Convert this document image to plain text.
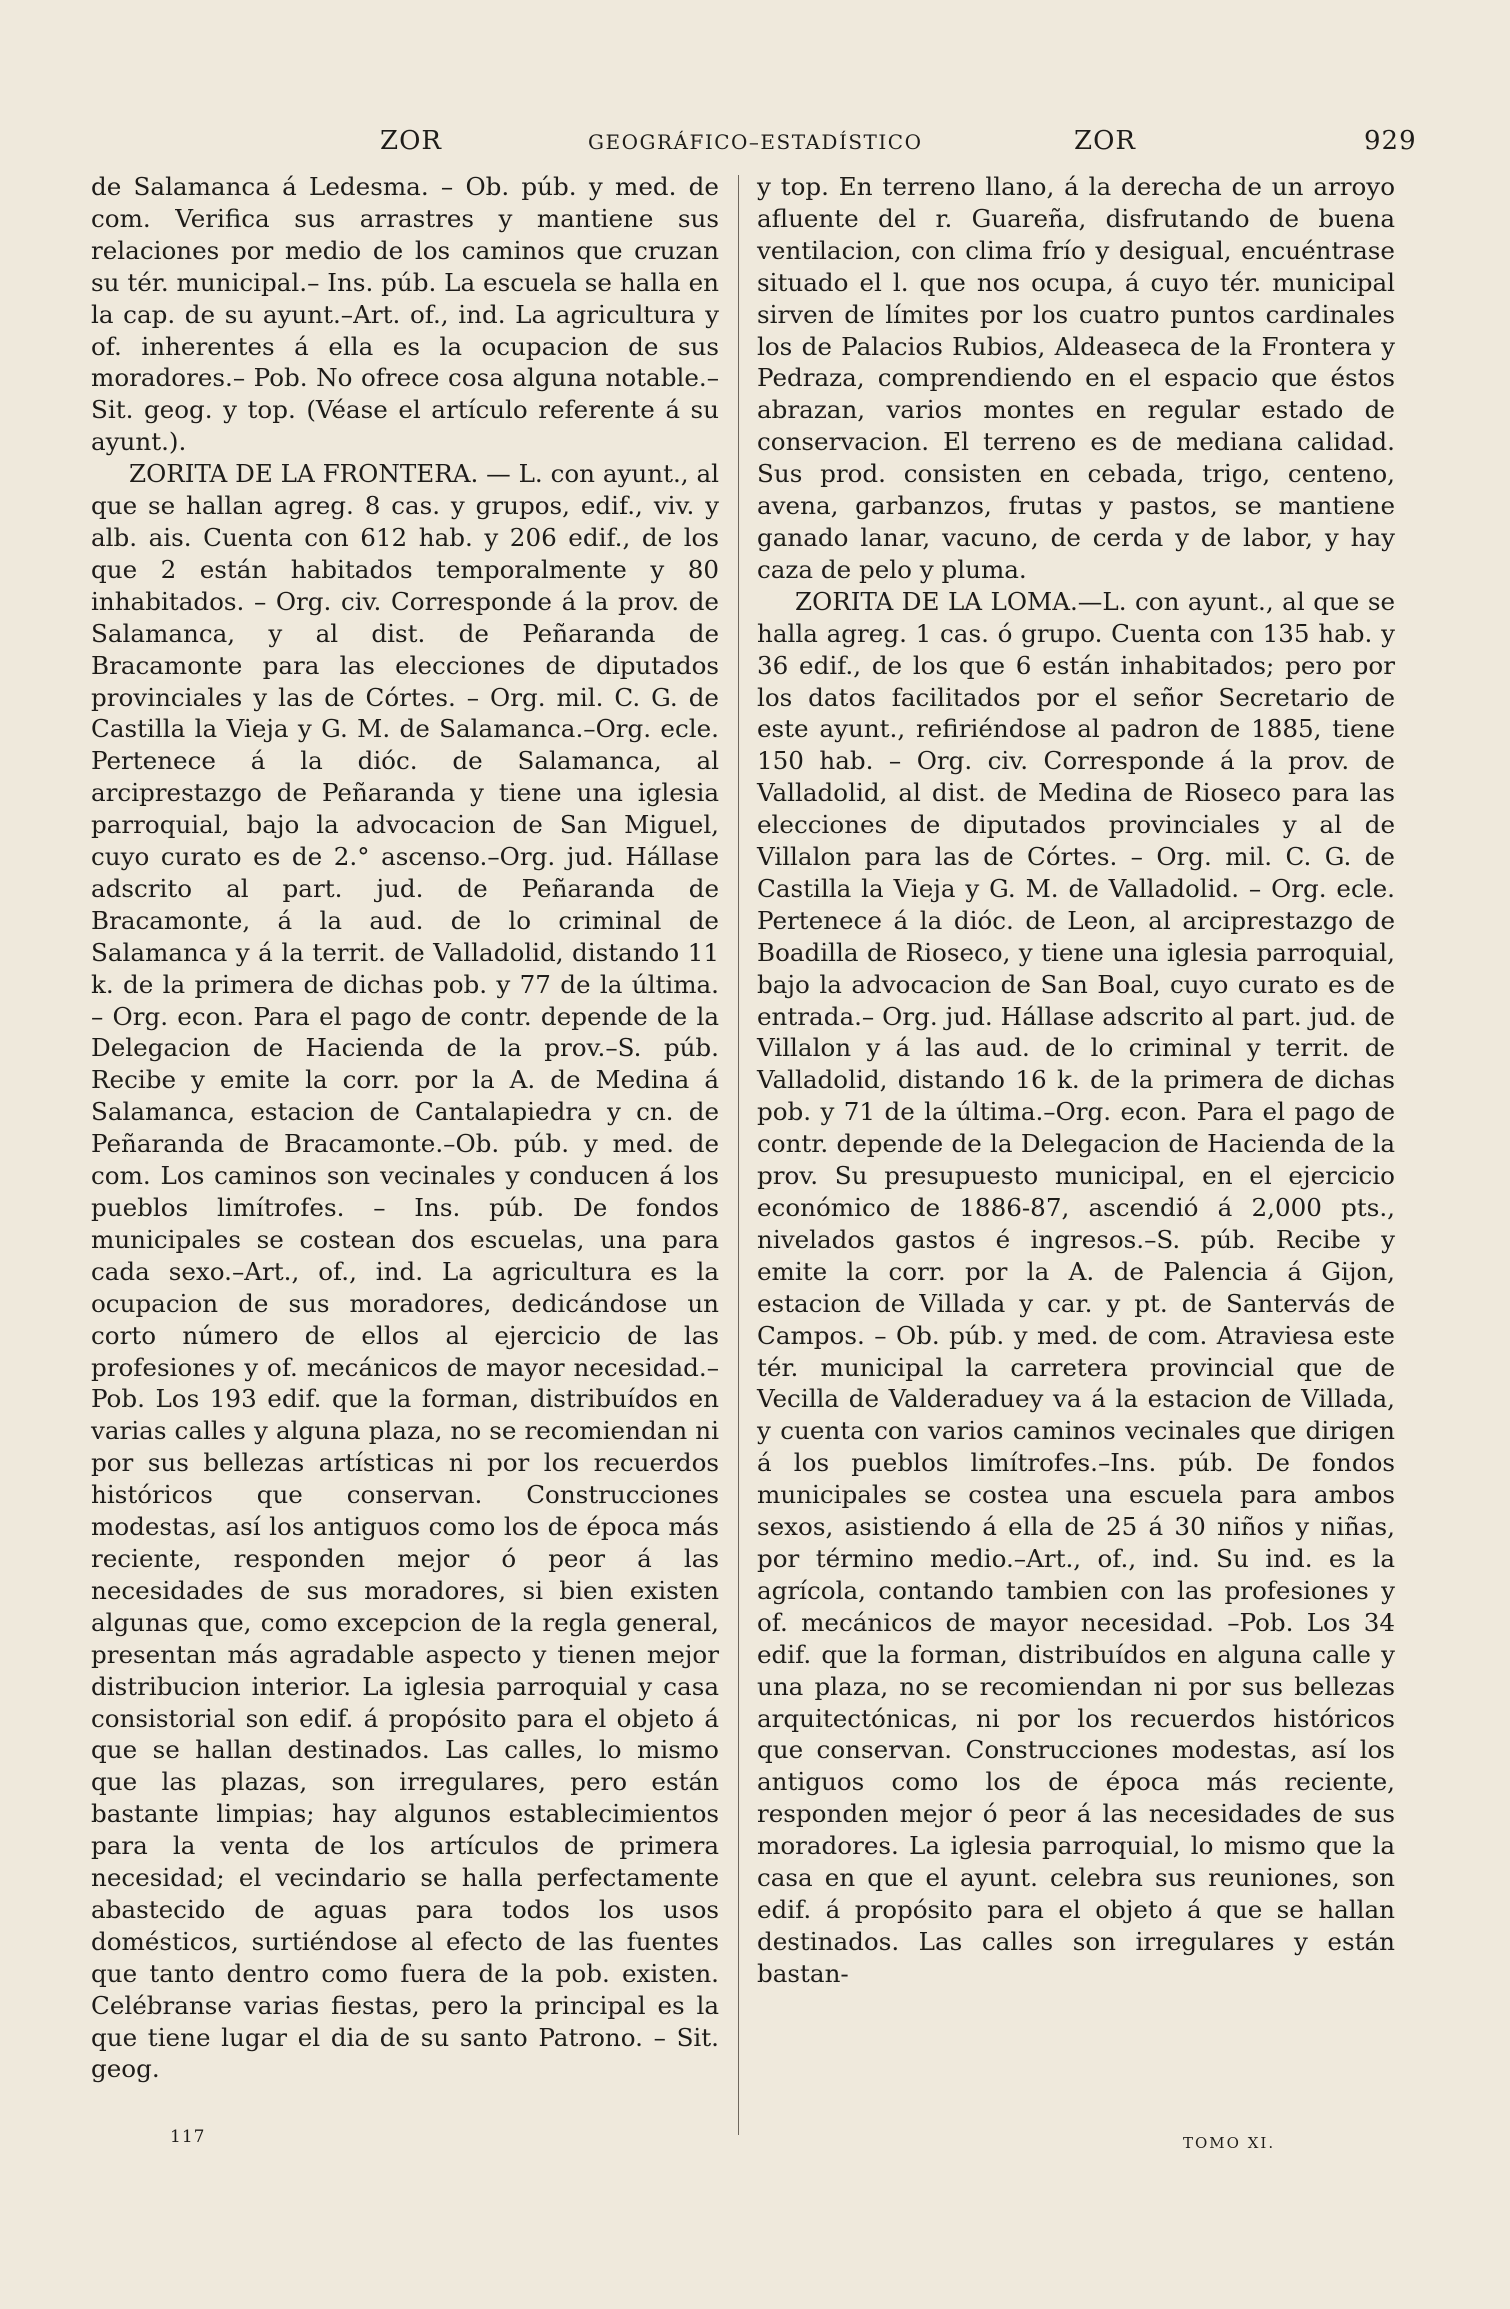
ZOR	GEOGRÁFICO–ESTADÍSTICO	ZOR	929

de Salamanca á Ledesma. – Ob. púb. y med. de com. Verifica sus arrastres y mantiene sus relaciones por medio de los caminos que cruzan su tér. municipal.– Ins. púb. La escuela se halla en la cap. de su ayunt.–Art. of., ind. La agricultura y of. inherentes á ella es la ocupacion de sus moradores.– Pob. No ofrece cosa alguna notable.–Sit. geog. y top. (Véase el artículo referente á su ayunt.).

ZORITA DE LA FRONTERA. — L. con ayunt., al que se hallan agreg. 8 cas. y grupos, edif., viv. y alb. ais. Cuenta con 612 hab. y 206 edif., de los que 2 están habitados temporalmente y 80 inhabitados. – Org. civ. Corresponde á la prov. de Salamanca, y al dist. de Peñaranda de Bracamonte para las elecciones de diputados provinciales y las de Córtes. – Org. mil. C. G. de Castilla la Vieja y G. M. de Salamanca.–Org. ecle. Pertenece á la dióc. de Salamanca, al arciprestazgo de Peñaranda y tiene una iglesia parroquial, bajo la advocacion de San Miguel, cuyo curato es de 2.° ascenso.–Org. jud. Hállase adscrito al part. jud. de Peñaranda de Bracamonte, á la aud. de lo criminal de Salamanca y á la territ. de Valladolid, distando 11 k. de la primera de dichas pob. y 77 de la última. – Org. econ. Para el pago de contr. depende de la Delegacion de Hacienda de la prov.–S. púb. Recibe y emite la corr. por la A. de Medina á Salamanca, estacion de Cantalapiedra y cn. de Peñaranda de Bracamonte.–Ob. púb. y med. de com. Los caminos son vecinales y conducen á los pueblos limítrofes. – Ins. púb. De fondos municipales se costean dos escuelas, una para cada sexo.–Art., of., ind. La agricultura es la ocupacion de sus moradores, dedicándose un corto número de ellos al ejercicio de las profesiones y of. mecánicos de mayor necesidad.– Pob. Los 193 edif. que la forman, distribuídos en varias calles y alguna plaza, no se recomiendan ni por sus bellezas artísticas ni por los recuerdos históricos que conservan. Construcciones modestas, así los antiguos como los de época más reciente, responden mejor ó peor á las necesidades de sus moradores, si bien existen algunas que, como excepcion de la regla general, presentan más agradable aspecto y tienen mejor distribucion interior. La iglesia parroquial y casa consistorial son edif. á propósito para el objeto á que se hallan destinados. Las calles, lo mismo que las plazas, son irregulares, pero están bastante limpias; hay algunos establecimientos para la venta de los artículos de primera necesidad; el vecindario se halla perfectamente abastecido de aguas para todos los usos domésticos, surtiéndose al efecto de las fuentes que tanto dentro como fuera de la pob. existen. Celébranse varias fiestas, pero la principal es la que tiene lugar el dia de su santo Patrono. – Sit. geog.

y top. En terreno llano, á la derecha de un arroyo afluente del r. Guareña, disfrutando de buena ventilacion, con clima frío y desigual, encuéntrase situado el l. que nos ocupa, á cuyo tér. municipal sirven de límites por los cuatro puntos cardinales los de Palacios Rubios, Aldeaseca de la Frontera y Pedraza, comprendiendo en el espacio que éstos abrazan, varios montes en regular estado de conservacion. El terreno es de mediana calidad. Sus prod. consisten en cebada, trigo, centeno, avena, garbanzos, frutas y pastos, se mantiene ganado lanar, vacuno, de cerda y de labor, y hay caza de pelo y pluma.

ZORITA DE LA LOMA.—L. con ayunt., al que se halla agreg. 1 cas. ó grupo. Cuenta con 135 hab. y 36 edif., de los que 6 están inhabitados; pero por los datos facilitados por el señor Secretario de este ayunt., refiriéndose al padron de 1885, tiene 150 hab. – Org. civ. Corresponde á la prov. de Valladolid, al dist. de Medina de Rioseco para las elecciones de diputados provinciales y al de Villalon para las de Córtes. – Org. mil. C. G. de Castilla la Vieja y G. M. de Valladolid. – Org. ecle. Pertenece á la dióc. de Leon, al arciprestazgo de Boadilla de Rioseco, y tiene una iglesia parroquial, bajo la advocacion de San Boal, cuyo curato es de entrada.– Org. jud. Hállase adscrito al part. jud. de Villalon y á las aud. de lo criminal y territ. de Valladolid, distando 16 k. de la primera de dichas pob. y 71 de la última.–Org. econ. Para el pago de contr. depende de la Delegacion de Hacienda de la prov. Su presupuesto municipal, en el ejercicio económico de 1886-87, ascendió á 2,000 pts., nivelados gastos é ingresos.–S. púb. Recibe y emite la corr. por la A. de Palencia á Gijon, estacion de Villada y car. y pt. de Santervás de Campos. – Ob. púb. y med. de com. Atraviesa este tér. municipal la carretera provincial que de Vecilla de Valderaduey va á la estacion de Villada, y cuenta con varios caminos vecinales que dirigen á los pueblos limítrofes.–Ins. púb. De fondos municipales se costea una escuela para ambos sexos, asistiendo á ella de 25 á 30 niños y niñas, por término medio.–Art., of., ind. Su ind. es la agrícola, contando tambien con las profesiones y of. mecánicos de mayor necesidad. –Pob. Los 34 edif. que la forman, distribuídos en alguna calle y una plaza, no se recomiendan ni por sus bellezas arquitectónicas, ni por los recuerdos históricos que conservan. Construcciones modestas, así los antiguos como los de época más reciente, responden mejor ó peor á las necesidades de sus moradores. La iglesia parroquial, lo mismo que la casa en que el ayunt. celebra sus reuniones, son edif. á propósito para el objeto á que se hallan destinados. Las calles son irregulares y están bastan-

117	TOMO XI.
